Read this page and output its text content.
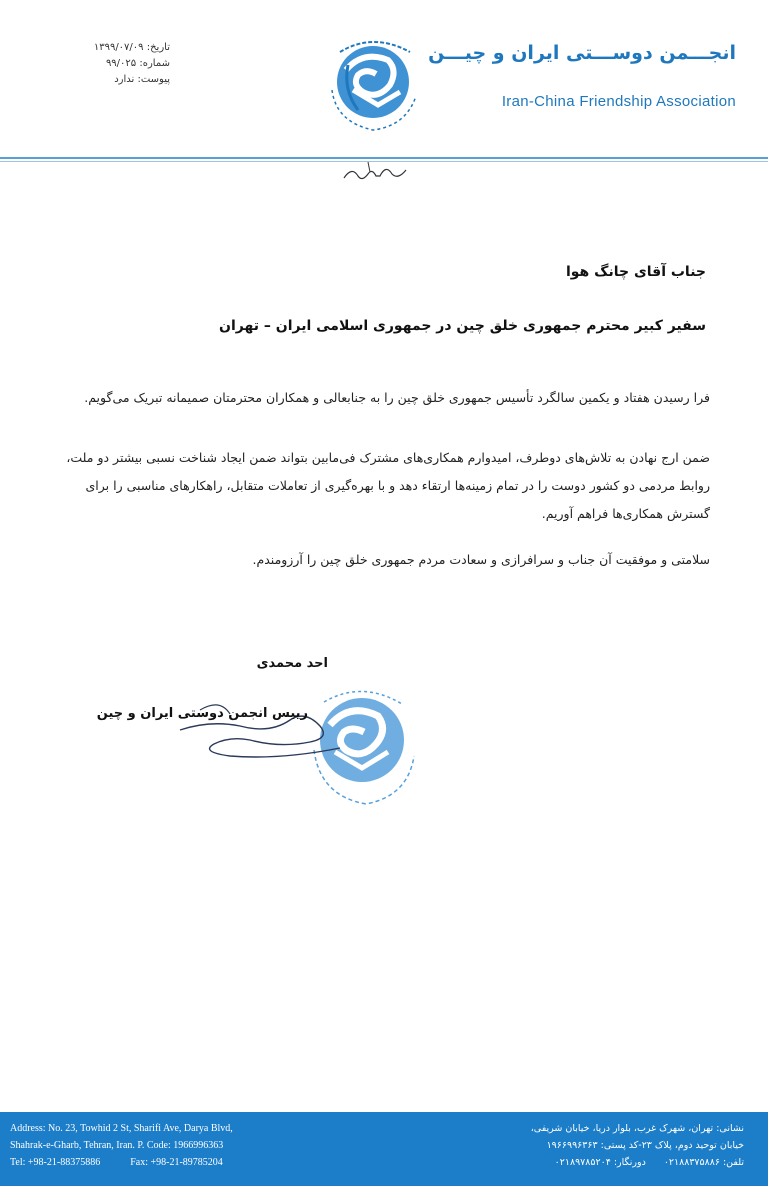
تاریخ: ۱۳۹۹/۰۷/۰۹
شماره: ۹۹/۰۲۵
پیوست: ندارد
انجـــمن دوســـتی ایران و چیـــن
Iran-China Friendship Association
جناب آقای چانگ هوا
سفیر کبیر محترم جمهوری خلق چین در جمهوری اسلامی ایران – تهران
فرا رسیدن هفتاد و یکمین سالگرد تأسیس جمهوری خلق چین را به جنابعالی و همکاران محترمتان صمیمانه تبریک می‌گویم.
ضمن ارج نهادن به تلاش‌های دوطرف، امیدوارم همکاری‌های مشترک فی‌مابین بتواند ضمن ایجاد شناخت نسبی بیشتر دو ملت، روابط مردمی دو کشور دوست را در تمام زمینه‌ها ارتقاء دهد و با بهره‌گیری از تعاملات متقابل، راهکارهای مناسبی را برای گسترش همکاری‌ها فراهم آوریم.
سلامتی و موفقیت آن جناب و سرافرازی و سعادت مردم جمهوری خلق چین را آرزومندم.
احد محمدی
رییس انجمن دوستی ایران و چین
Address: No. 23, Towhid 2 St, Sharifi Ave, Darya Blvd,
Shahrak-e-Gharb, Tehran, Iran. P. Code: 1966996363
Tel: +98-21-88375886	Fax: +98-21-89785204
نشانی: تهران، شهرک غرب، بلوار دریا، خیابان شریفی،
خیابان توحید دوم، پلاک ۲۳-کد پستی: ۱۹۶۶۹۹۶۳۶۳
تلفن: ۰۲۱۸۸۳۷۵۸۸۶دورنگار: ۰۲۱۸۹۷۸۵۲۰۴
